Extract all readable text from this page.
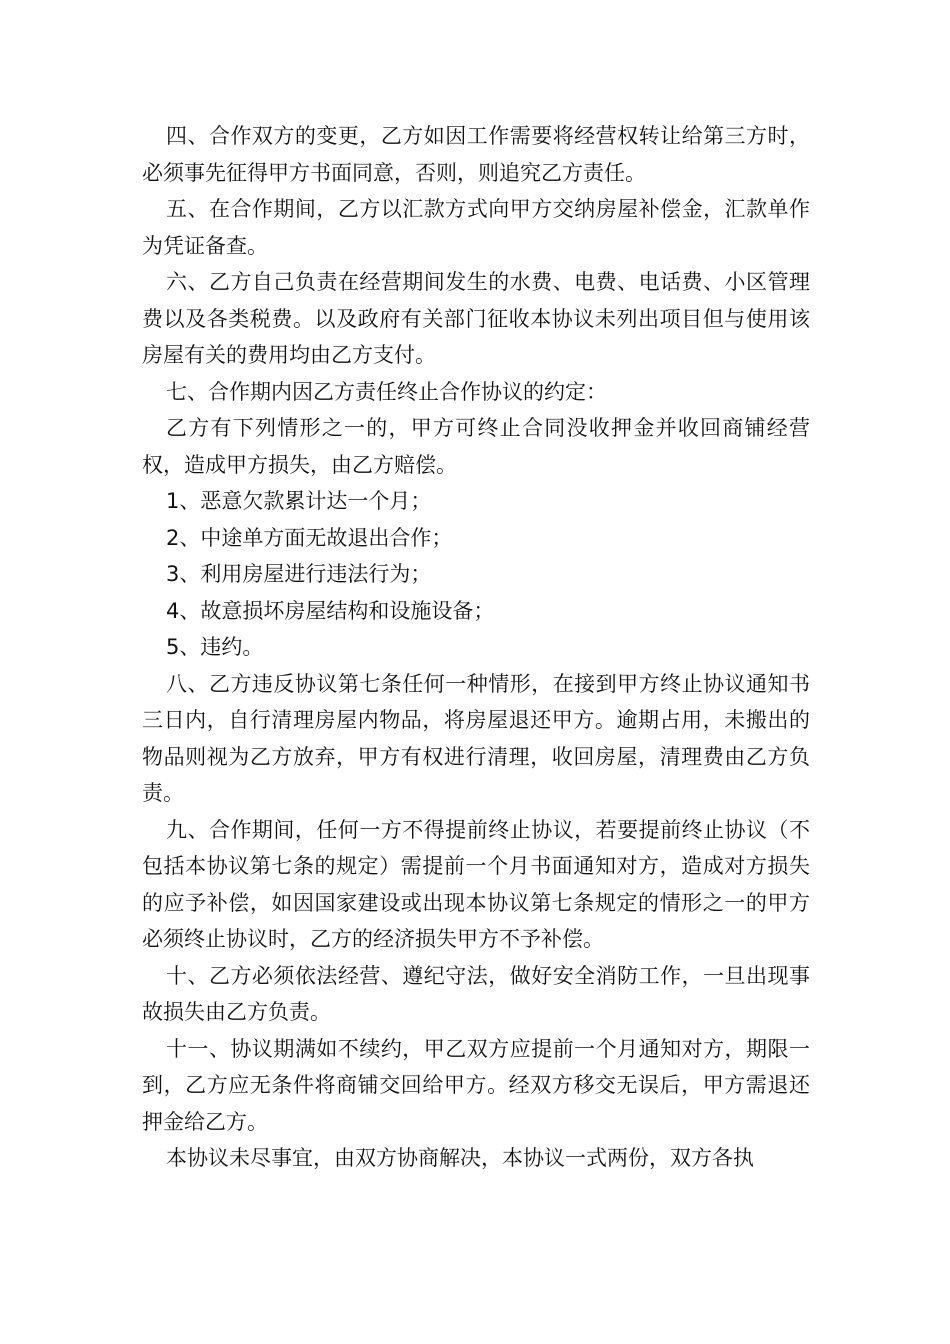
四、合作双方的变更，乙方如因工作需要将经营权转让给第三方时，必须事先征得甲方书面同意，否则，则追究乙方责任。

五、在合作期间，乙方以汇款方式向甲方交纳房屋补偿金，汇款单作为凭证备查。

六、乙方自己负责在经营期间发生的水费、电费、电话费、小区管理费以及各类税费。以及政府有关部门征收本协议未列出项目但与使用该房屋有关的费用均由乙方支付。

七、合作期内因乙方责任终止合作协议的约定：

乙方有下列情形之一的，甲方可终止合同没收押金并收回商铺经营权，造成甲方损失，由乙方赔偿。

1、恶意欠款累计达一个月；

2、中途单方面无故退出合作；

3、利用房屋进行违法行为；

4、故意损坏房屋结构和设施设备；

5、违约。

八、乙方违反协议第七条任何一种情形，在接到甲方终止协议通知书三日内，自行清理房屋内物品，将房屋退还甲方。逾期占用，未搬出的物品则视为乙方放弃，甲方有权进行清理，收回房屋，清理费由乙方负责。

九、合作期间，任何一方不得提前终止协议，若要提前终止协议（不包括本协议第七条的规定）需提前一个月书面通知对方，造成对方损失的应予补偿，如因国家建设或出现本协议第七条规定的情形之一的甲方必须终止协议时，乙方的经济损失甲方不予补偿。

十、乙方必须依法经营、遵纪守法，做好安全消防工作，一旦出现事故损失由乙方负责。

十一、协议期满如不续约，甲乙双方应提前一个月通知对方，期限一到，乙方应无条件将商铺交回给甲方。经双方移交无误后，甲方需退还押金给乙方。

本协议未尽事宜，由双方协商解决，本协议一式两份，双方各执
